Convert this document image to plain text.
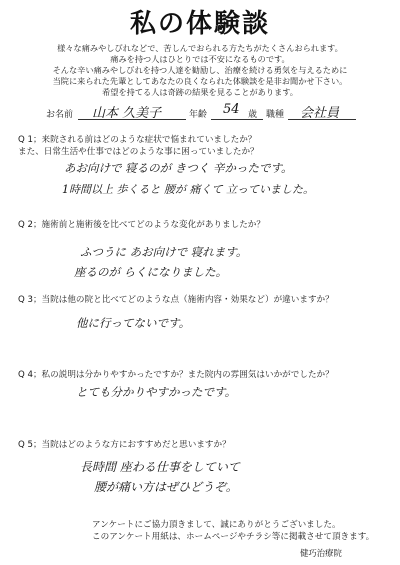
私の体験談
様々な痛みやしびれなどで、苦しんでおられる方たちがたくさんおられます。
痛みを持つ人はひとりでは不安になるものです。
そんな辛い痛みやしびれを持つ人達を勧励し、治療を続ける勇気を与えるために
当院に来られた先輩としてあなたの良くなられた体験談を是非お聞かせ下さい。
希望を持てる人は奇跡の結果を見ることがあります。
お名前 山本 久美子	年齢 54 歳 職種 会社員
Q 1；来院される前はどのような症状で悩まれていましたか？
また、日常生活や仕事ではどのような事に困っていましたか？
あお向けで 寝るのが きつく 辛かったです。
1時間以上 歩くると 腰が 痛くて 立っていました。
Q 2；施術前と施術後を比べてどのような変化がありましたか？
ふつうに あお向けで 寝れます。
座るのが らくになりました。
Q 3；当院は他の院と比べてどのような点（施術内容・効果など）が違いますか？
他に行ってないです。
Q 4；私の説明は分かりやすかったですか？また院内の雰囲気はいかがでしたか？
とても分かりやすかったです。
Q 5；当院はどのような方におすすめだと思いますか？
長時間 座わる仕事をしていて
腰が痛い方はぜひどうぞ。
アンケートにご協力頂きまして、誠にありがとうございました。
このアンケート用紙は、ホームページやチラシ等に掲載させて頂きます。
健巧治療院
